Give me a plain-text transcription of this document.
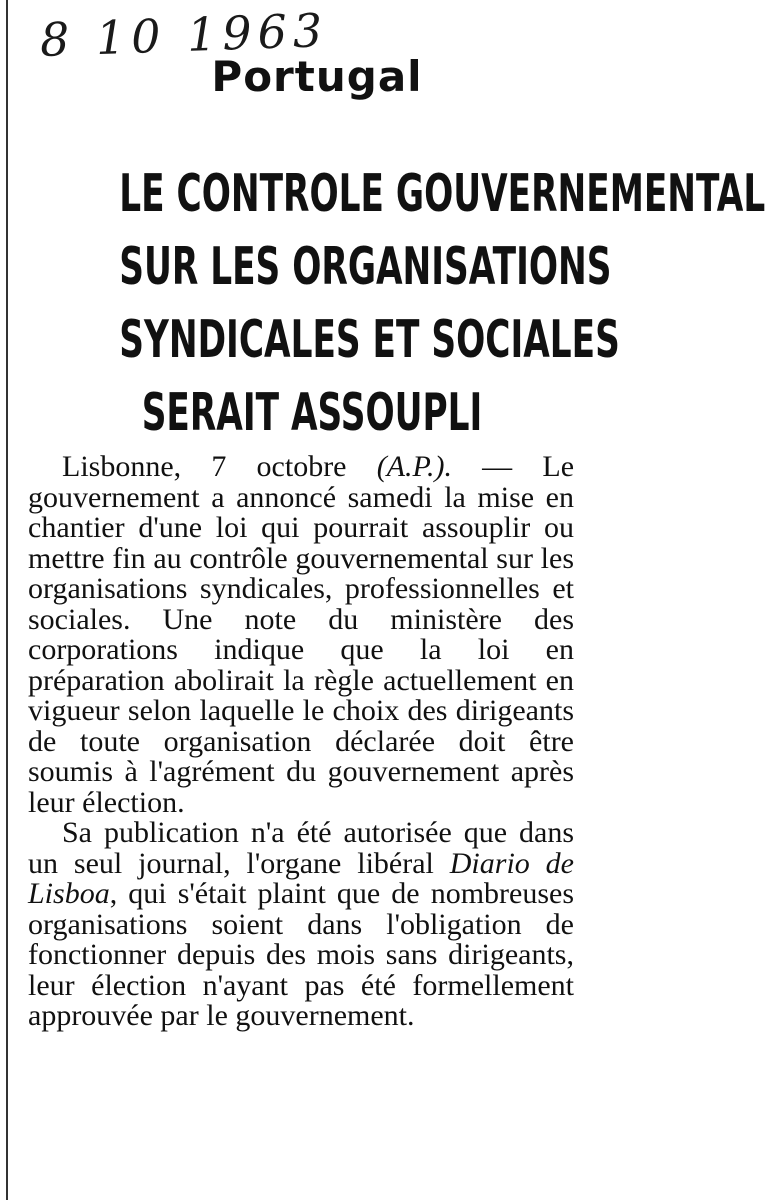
8 10 1963
Portugal
LE CONTROLE GOUVERNEMENTAL
SUR LES ORGANISATIONS
SYNDICALES ET SOCIALES
SERAIT ASSOUPLI

Lisbonne, 7 octobre (A.P.). — Le gouvernement a annoncé samedi la mise en chantier d'une loi qui pourrait assouplir ou mettre fin au contrôle gouvernemental sur les organisations syndicales, professionnelles et sociales. Une note du ministère des corporations indique que la loi en préparation abolirait la règle actuellement en vigueur selon laquelle le choix des dirigeants de toute organisation déclarée doit être soumis à l'agrément du gouvernement après leur élection.

Sa publication n'a été autorisée que dans un seul journal, l'organe libéral Diario de Lisboa, qui s'était plaint que de nombreuses organisations soient dans l'obligation de fonctionner depuis des mois sans dirigeants, leur élection n'ayant pas été formellement approuvée par le gouvernement.
